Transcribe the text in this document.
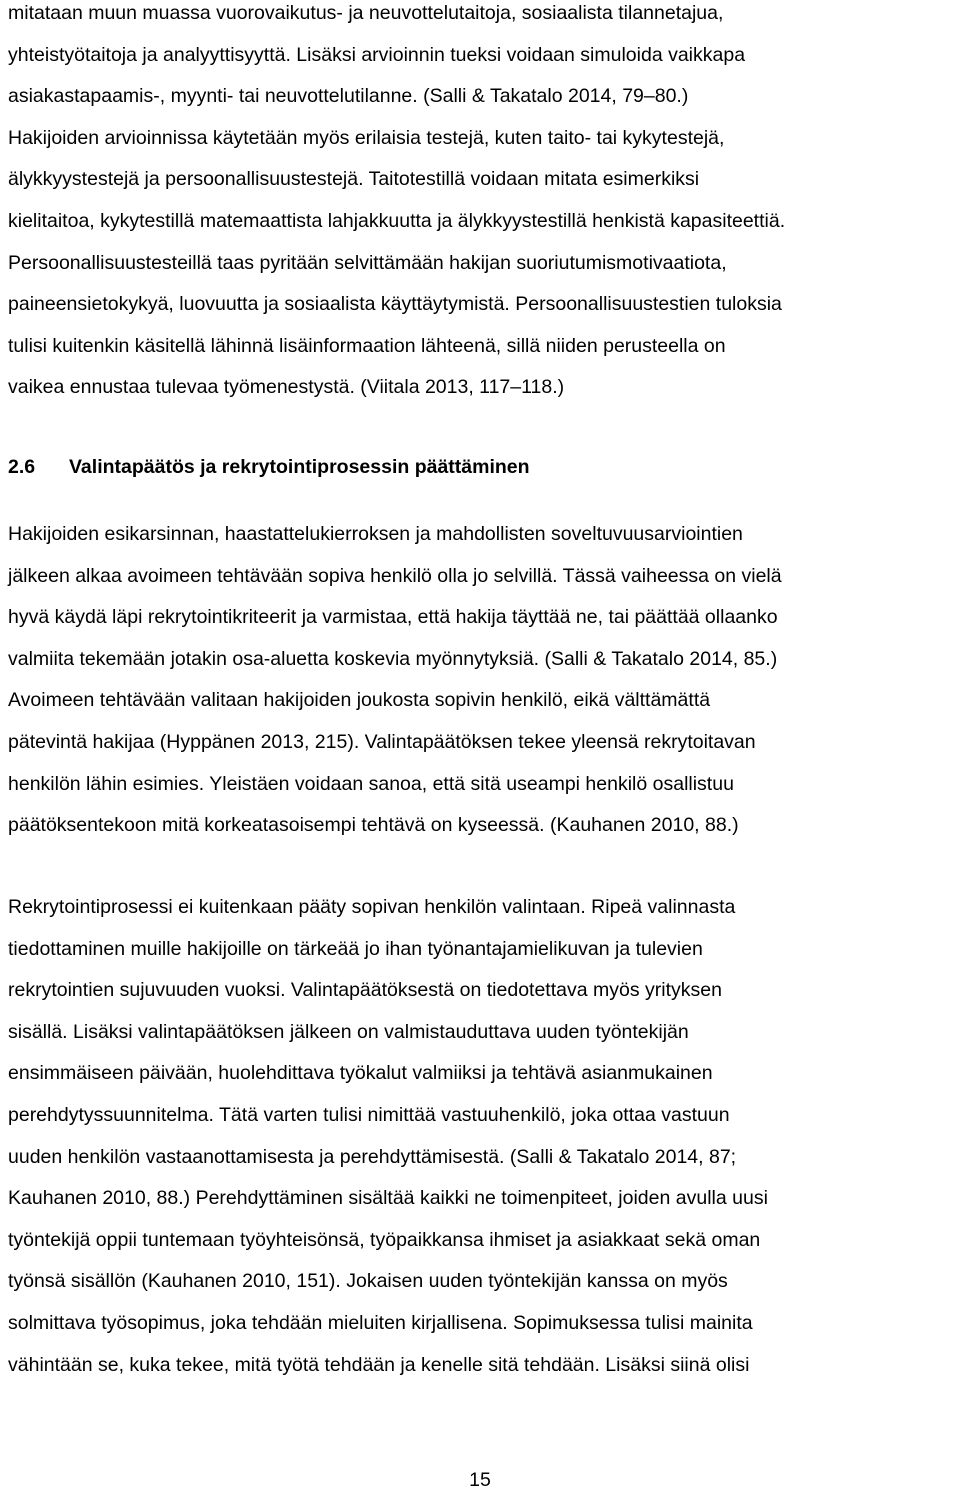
mitataan muun muassa vuorovaikutus- ja neuvottelutaitoja, sosiaalista tilannetajua,
yhteistyötaitoja ja analyyttisyyttä. Lisäksi arvioinnin tueksi voidaan simuloida vaikkapa
asiakastapaamis-, myynti- tai neuvottelutilanne. (Salli & Takatalo 2014, 79–80.)
Hakijoiden arvioinnissa käytetään myös erilaisia testejä, kuten taito- tai kykytestejä,
älykkyystestejä ja persoonallisuustestejä. Taitotestillä voidaan mitata esimerkiksi
kielitaitoa, kykytestillä matemaattista lahjakkuutta ja älykkyystestillä henkistä kapasiteettiä.
Persoonallisuustesteillä taas pyritään selvittämään hakijan suoriutumismotivaatiota,
paineensietokykyä, luovuutta ja sosiaalista käyttäytymistä. Persoonallisuustestien tuloksia
tulisi kuitenkin käsitellä lähinnä lisäinformaation lähteenä, sillä niiden perusteella on
vaikea ennustaa tulevaa työmenestystä. (Viitala 2013, 117–118.)
2.6 Valintapäätös ja rekrytointiprosessin päättäminen
Hakijoiden esikarsinnan, haastattelukierroksen ja mahdollisten soveltuvuusarviointien
jälkeen alkaa avoimeen tehtävään sopiva henkilö olla jo selvillä. Tässä vaiheessa on vielä
hyvä käydä läpi rekrytointikriteerit ja varmistaa, että hakija täyttää ne, tai päättää ollaanko
valmiita tekemään jotakin osa-aluetta koskevia myönnytyksiä. (Salli & Takatalo 2014, 85.)
Avoimeen tehtävään valitaan hakijoiden joukosta sopivin henkilö, eikä välttämättä
pätevintä hakijaa (Hyppänen 2013, 215). Valintapäätöksen tekee yleensä rekrytoitavan
henkilön lähin esimies. Yleistäen voidaan sanoa, että sitä useampi henkilö osallistuu
päätöksentekoon mitä korkeatasoisempi tehtävä on kyseessä. (Kauhanen 2010, 88.)
Rekrytointiprosessi ei kuitenkaan pääty sopivan henkilön valintaan. Ripeä valinnasta
tiedottaminen muille hakijoille on tärkeää jo ihan työnantajamielikuvan ja tulevien
rekrytointien sujuvuuden vuoksi. Valintapäätöksestä on tiedotettava myös yrityksen
sisällä. Lisäksi valintapäätöksen jälkeen on valmistauduttava uuden työntekijän
ensimmäiseen päivään, huolehdittava työkalut valmiiksi ja tehtävä asianmukainen
perehdytyssuunnitelma. Tätä varten tulisi nimittää vastuuhenkilö, joka ottaa vastuun
uuden henkilön vastaanottamisesta ja perehdyttämisestä. (Salli & Takatalo 2014, 87;
Kauhanen 2010, 88.) Perehdyttäminen sisältää kaikki ne toimenpiteet, joiden avulla uusi
työntekijä oppii tuntemaan työyhteisönsä, työpaikkansa ihmiset ja asiakkaat sekä oman
työnsä sisällön (Kauhanen 2010, 151). Jokaisen uuden työntekijän kanssa on myös
solmittava työsopimus, joka tehdään mieluiten kirjallisena. Sopimuksessa tulisi mainita
vähintään se, kuka tekee, mitä työtä tehdään ja kenelle sitä tehdään. Lisäksi siinä olisi
15
